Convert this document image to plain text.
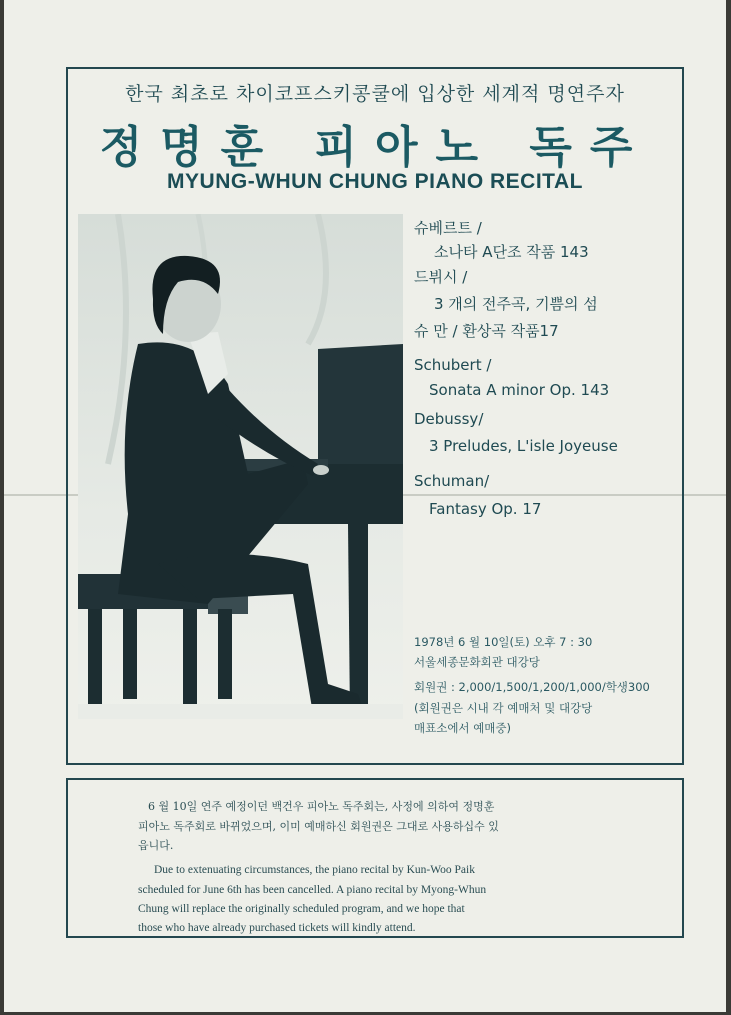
한국 최초로 차이코프스키콩쿨에 입상한 세계적 명연주자
정명훈 피아노 독주
MYUNG-WHUN CHUNG PIANO RECITAL
슈베르트 /
소나타 A단조 작품 143
드뷔시 /
3 개의 전주곡, 기쁨의 섬
슈 만 / 환상곡 작품17
Schubert /
Sonata A minor Op. 143
Debussy/
3 Preludes, L'isle Joyeuse
Schuman/
Fantasy Op. 17
1978년 6 월 10일(토) 오후 7 : 30
서울세종문화회관 대강당
회원권 : 2,000/1,500/1,200/1,000/학생300
(회원권은 시내 각 예매처 및 대강당
매표소에서 예매중)
6 월 10일 연주 예정이던 백건우 피아노 독주회는, 사정에 의하여 정명훈
피아노 독주회로 바뀌었으며, 이미 예매하신 회원권은 그대로 사용하십수 있
읍니다.
Due to extenuating circumstances, the piano recital by Kun-Woo Paik
scheduled for June 6th has been cancelled. A piano recital by Myong-Whun
Chung will replace the originally scheduled program, and we hope that
those who have already purchased tickets will kindly attend.
